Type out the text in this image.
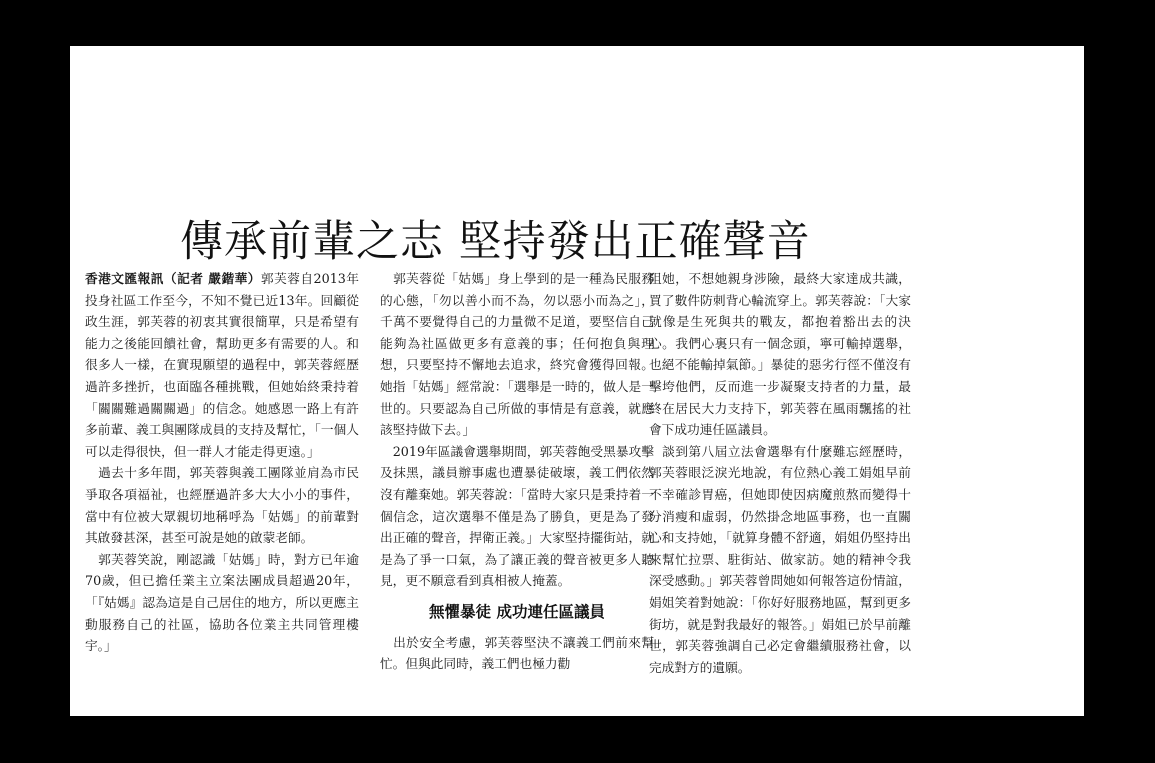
傳承前輩之志 堅持發出正確聲音

香港文匯報訊（記者 嚴鍇華）郭芙蓉自2013年投身社區工作至今，不知不覺已近13年。回顧從政生涯，郭芙蓉的初衷其實很簡單，只是希望有能力之後能回饋社會，幫助更多有需要的人。和很多人一樣，在實現願望的過程中，郭芙蓉經歷過許多挫折，也面臨各種挑戰，但她始終秉持着「關關難過關關過」的信念。她感恩一路上有許多前輩、義工與團隊成員的支持及幫忙，「一個人可以走得很快，但一群人才能走得更遠。」

　過去十多年間，郭芙蓉與義工團隊並肩為市民爭取各項福祉，也經歷過許多大大小小的事件，當中有位被大眾親切地稱呼為「姑媽」的前輩對其啟發甚深，甚至可說是她的啟蒙老師。

　郭芙蓉笑說，剛認識「姑媽」時，對方已年逾70歲，但已擔任業主立案法團成員超過20年，「『姑媽』認為這是自己居住的地方，所以更應主動服務自己的社區，協助各位業主共同管理樓宇。」

　郭芙蓉從「姑媽」身上學到的是一種為民服務的心態，「勿以善小而不為，勿以惡小而為之」，千萬不要覺得自己的力量微不足道，要堅信自己能夠為社區做更多有意義的事；任何抱負與理想，只要堅持不懈地去追求，終究會獲得回報。她指「姑媽」經常說：「選舉是一時的，做人是一世的。只要認為自己所做的事情是有意義，就應該堅持做下去。」

　2019年區議會選舉期間，郭芙蓉飽受黑暴攻擊及抹黑，議員辦事處也遭暴徒破壞，義工們依然沒有離棄她。郭芙蓉說：「當時大家只是秉持着一個信念，這次選舉不僅是為了勝負，更是為了發出正確的聲音，捍衛正義。」大家堅持擺街站，就是為了爭一口氣，為了讓正義的聲音被更多人聽見，更不願意看到真相被人掩蓋。

無懼暴徒 成功連任區議員

　出於安全考慮，郭芙蓉堅決不讓義工們前來幫忙。但與此同時，義工們也極力勸

阻她，不想她親身涉險，最終大家達成共識，買了數件防刺背心輪流穿上。郭芙蓉說：「大家就像是生死與共的戰友，都抱着豁出去的決心。我們心裏只有一個念頭，寧可輸掉選舉，也絕不能輸掉氣節。」暴徒的惡劣行徑不僅沒有擊垮他們，反而進一步凝聚支持者的力量，最終在居民大力支持下，郭芙蓉在風雨飄搖的社會下成功連任區議員。

　談到第八屆立法會選舉有什麼難忘經歷時，郭芙蓉眼泛淚光地說，有位熱心義工娟姐早前不幸確診胃癌，但她即使因病魔煎熬而變得十分消瘦和虛弱，仍然掛念地區事務，也一直關心和支持她，「就算身體不舒適，娟姐仍堅持出來幫忙拉票、駐街站、做家訪。她的精神令我深受感動。」郭芙蓉曾問她如何報答這份情誼，娟姐笑着對她說：「你好好服務地區，幫到更多街坊，就是對我最好的報答。」娟姐已於早前離世，郭芙蓉強調自己必定會繼續服務社會，以完成對方的遺願。
